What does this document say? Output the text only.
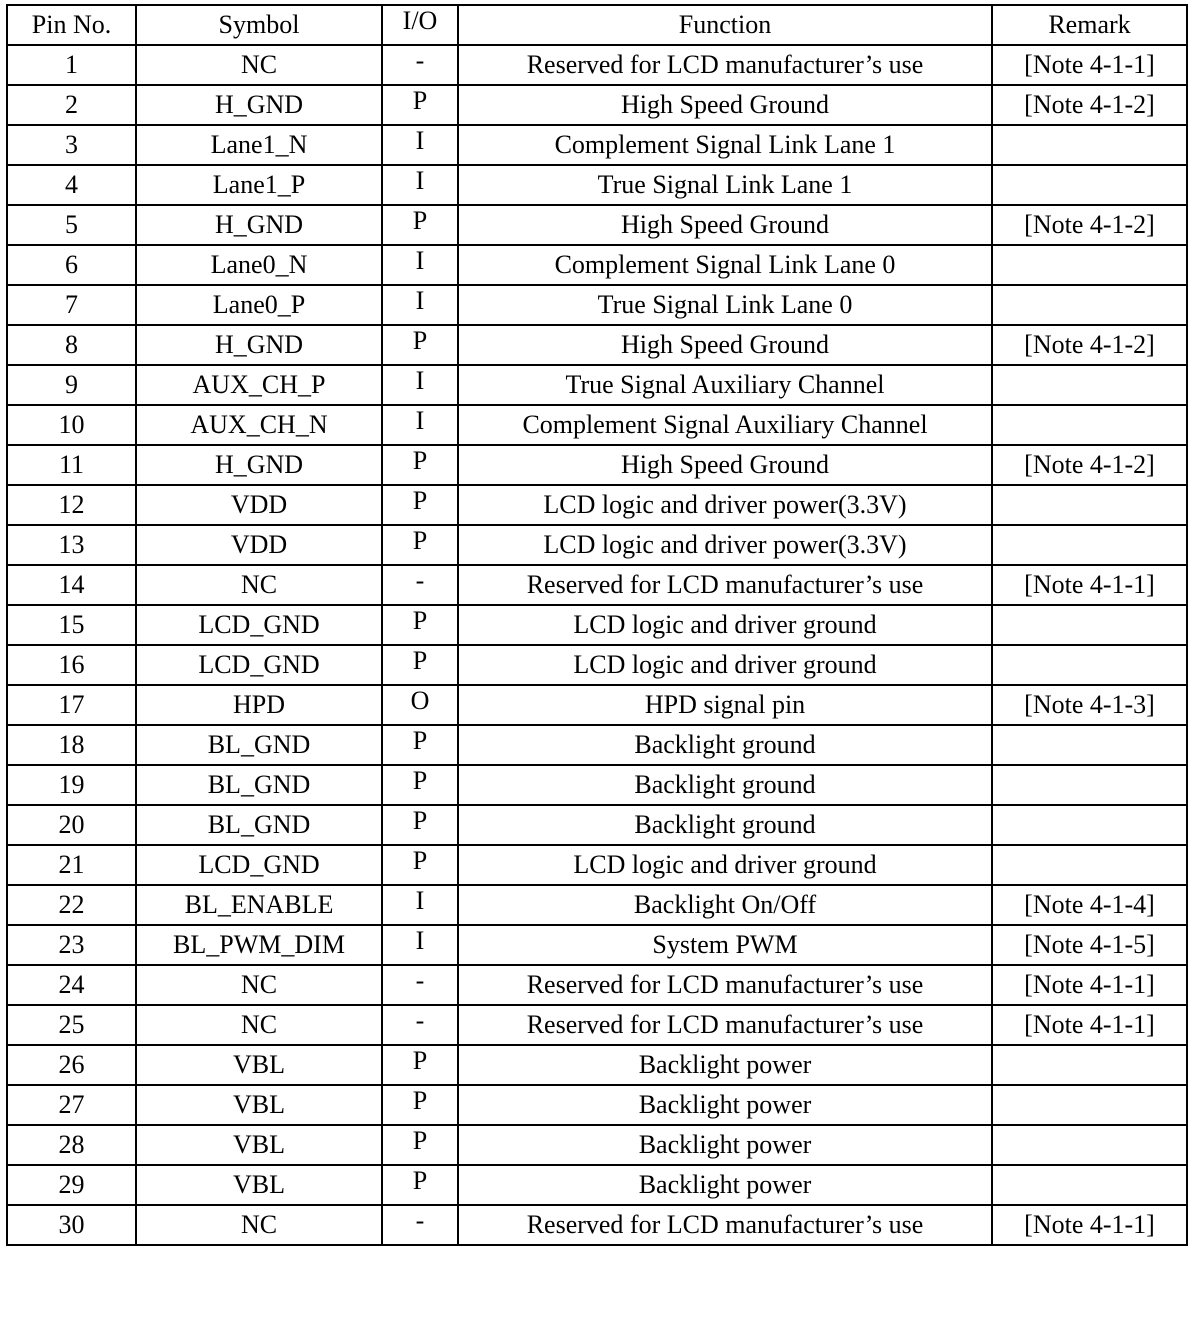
Pin No.	Symbol	I/O	Function	Remark
1	NC	-	Reserved for LCD manufacturer’s use	[Note 4-1-1]
2	H_GND	P	High Speed Ground	[Note 4-1-2]
3	Lane1_N	I	Complement Signal Link Lane 1	
4	Lane1_P	I	True Signal Link Lane 1	
5	H_GND	P	High Speed Ground	[Note 4-1-2]
6	Lane0_N	I	Complement Signal Link Lane 0	
7	Lane0_P	I	True Signal Link Lane 0	
8	H_GND	P	High Speed Ground	[Note 4-1-2]
9	AUX_CH_P	I	True Signal Auxiliary Channel	
10	AUX_CH_N	I	Complement Signal Auxiliary Channel	
11	H_GND	P	High Speed Ground	[Note 4-1-2]
12	VDD	P	LCD logic and driver power(3.3V)	
13	VDD	P	LCD logic and driver power(3.3V)	
14	NC	-	Reserved for LCD manufacturer’s use	[Note 4-1-1]
15	LCD_GND	P	LCD logic and driver ground	
16	LCD_GND	P	LCD logic and driver ground	
17	HPD	O	HPD signal pin	[Note 4-1-3]
18	BL_GND	P	Backlight ground	
19	BL_GND	P	Backlight ground	
20	BL_GND	P	Backlight ground	
21	LCD_GND	P	LCD logic and driver ground	
22	BL_ENABLE	I	Backlight On/Off	[Note 4-1-4]
23	BL_PWM_DIM	I	System PWM	[Note 4-1-5]
24	NC	-	Reserved for LCD manufacturer’s use	[Note 4-1-1]
25	NC	-	Reserved for LCD manufacturer’s use	[Note 4-1-1]
26	VBL	P	Backlight power	
27	VBL	P	Backlight power	
28	VBL	P	Backlight power	
29	VBL	P	Backlight power	
30	NC	-	Reserved for LCD manufacturer’s use	[Note 4-1-1]
